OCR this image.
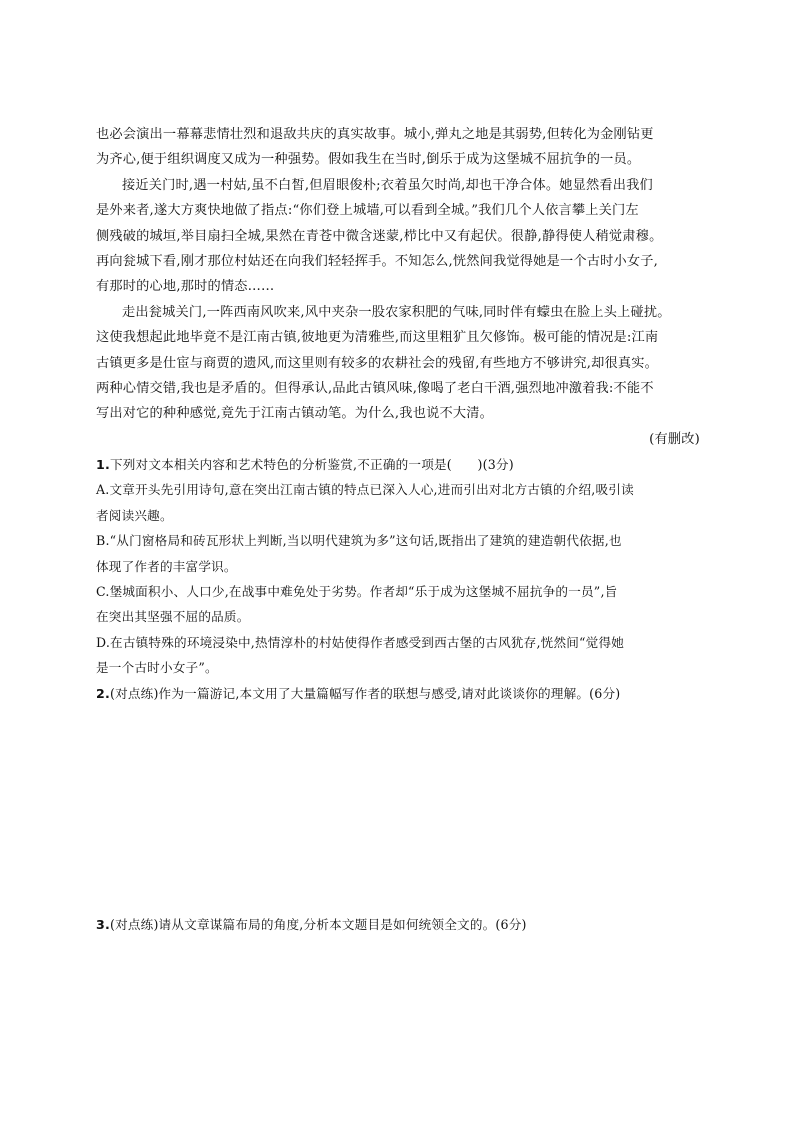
也必会演出一幕幕悲情壮烈和退敌共庆的真实故事。城小,弹丸之地是其弱势,但转化为金刚钻更
为齐心,便于组织调度又成为一种强势。假如我生在当时,倒乐于成为这堡城不屈抗争的一员。
接近关门时,遇一村姑,虽不白皙,但眉眼俊朴;衣着虽欠时尚,却也干净合体。她显然看出我们
是外来者,遂大方爽快地做了指点:“你们登上城墙,可以看到全城。”我们几个人依言攀上关门左
侧残破的城垣,举目扇扫全城,果然在青苍中微含迷蒙,栉比中又有起伏。很静,静得使人稍觉肃穆。
再向瓮城下看,刚才那位村姑还在向我们轻轻挥手。不知怎么,恍然间我觉得她是一个古时小女子,
有那时的心地,那时的情态……
走出瓮城关门,一阵西南风吹来,风中夹杂一股农家积肥的气味,同时伴有蠓虫在脸上头上碰扰。
这使我想起此地毕竟不是江南古镇,彼地更为清雅些,而这里粗犷且欠修饰。极可能的情况是:江南
古镇更多是仕宦与商贾的遗风,而这里则有较多的农耕社会的残留,有些地方不够讲究,却很真实。
两种心情交错,我也是矛盾的。但得承认,品此古镇风味,像喝了老白干酒,强烈地冲激着我:不能不
写出对它的种种感觉,竟先于江南古镇动笔。为什么,我也说不大清。
(有删改)
1.下列对文本相关内容和艺术特色的分析鉴赏,不正确的一项是(　　)(3分)
A.文章开头先引用诗句,意在突出江南古镇的特点已深入人心,进而引出对北方古镇的介绍,吸引读
者阅读兴趣。
B.“从门窗格局和砖瓦形状上判断,当以明代建筑为多”这句话,既指出了建筑的建造朝代依据,也
体现了作者的丰富学识。
C.堡城面积小、人口少,在战事中难免处于劣势。作者却“乐于成为这堡城不屈抗争的一员”,旨
在突出其坚强不屈的品质。
D.在古镇特殊的环境浸染中,热情淳朴的村姑使得作者感受到西古堡的古风犹存,恍然间“觉得她
是一个古时小女子”。
2.(对点练)作为一篇游记,本文用了大量篇幅写作者的联想与感受,请对此谈谈你的理解。(6分)
3.(对点练)请从文章谋篇布局的角度,分析本文题目是如何统领全文的。(6分)
